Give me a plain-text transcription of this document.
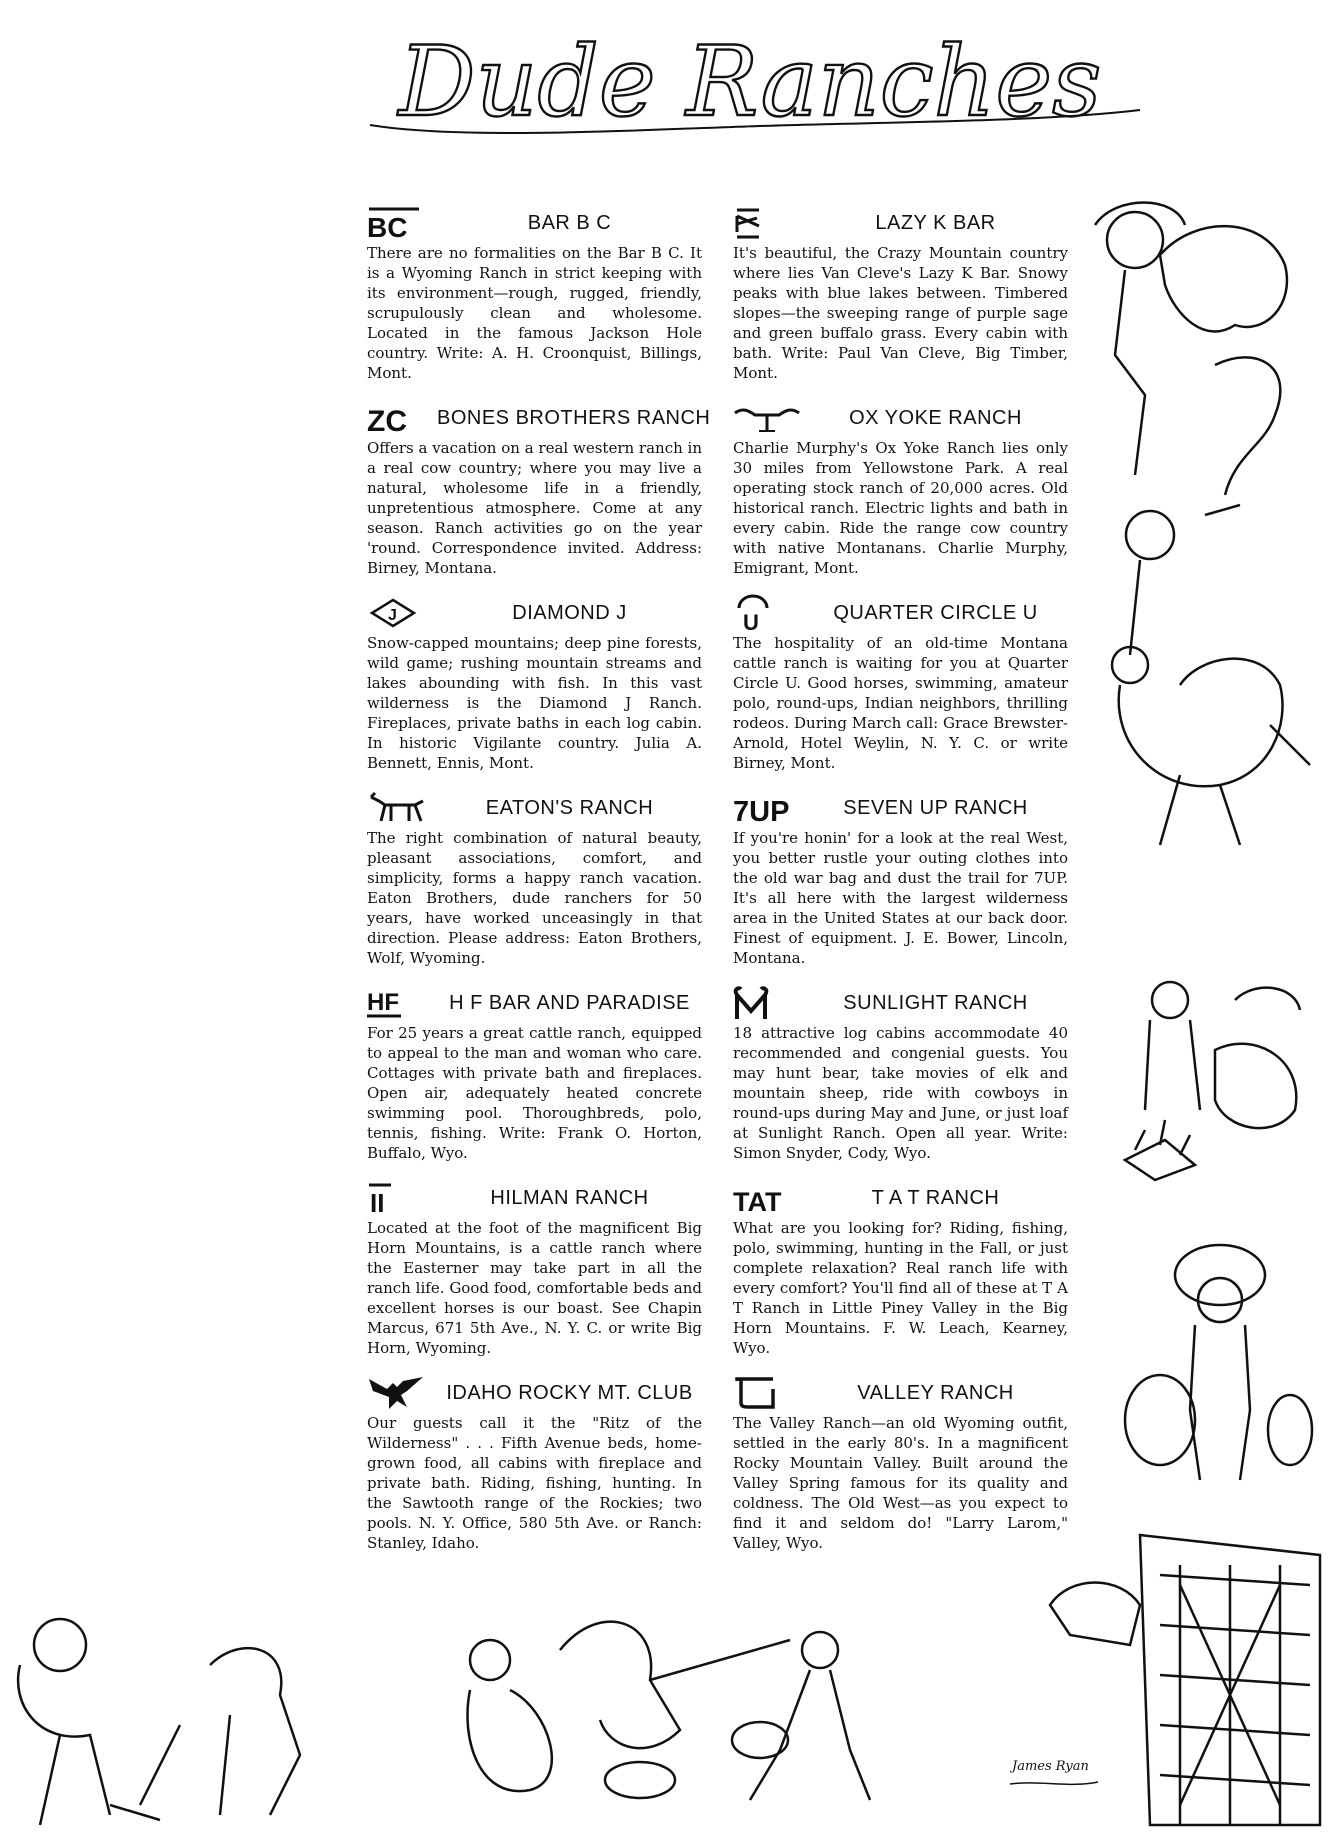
Dude Ranches
BC	BAR B C
There are no formalities on the Bar B C. It is a Wyoming Ranch in strict keeping with its environment—rough, rugged, friendly, scrupulously clean and wholesome. Located in the famous Jackson Hole country. Write: A. H. Croonquist, Billings, Mont.
ZC BONES BROTHERS RANCH
Offers a vacation on a real western ranch in a real cow country; where you may live a natural, wholesome life in a friendly, unpretentious atmosphere. Come at any season. Ranch activities go on the year 'round. Correspondence invited. Address: Birney, Montana.
J	DIAMOND J
Snow-capped mountains; deep pine forests, wild game; rushing mountain streams and lakes abounding with fish. In this vast wilderness is the Diamond J Ranch. Fireplaces, private baths in each log cabin. In historic Vigilante country. Julia A. Bennett, Ennis, Mont.
EATON'S RANCH
The right combination of natural beauty, pleasant associations, comfort, and simplicity, forms a happy ranch vacation. Eaton Brothers, dude ranchers for 50 years, have worked unceasingly in that direction. Please address: Eaton Brothers, Wolf, Wyoming.
HF	H F BAR AND PARADISE
For 25 years a great cattle ranch, equipped to appeal to the man and woman who care. Cottages with private bath and fireplaces. Open air, adequately heated concrete swimming pool. Thoroughbreds, polo, tennis, fishing. Write: Frank O. Horton, Buffalo, Wyo.
II	HILMAN RANCH
Located at the foot of the magnificent Big Horn Mountains, is a cattle ranch where the Easterner may take part in all the ranch life. Good food, comfortable beds and excellent horses is our boast. See Chapin Marcus, 671 5th Ave., N. Y. C. or write Big Horn, Wyoming.
IDAHO ROCKY MT. CLUB
Our guests call it the "Ritz of the Wilderness" . . . Fifth Avenue beds, home-grown food, all cabins with fireplace and private bath. Riding, fishing, hunting. In the Sawtooth range of the Rockies; two pools. N. Y. Office, 580 5th Ave. or Ranch: Stanley, Idaho.
K
LAZY K BAR
It's beautiful, the Crazy Mountain country where lies Van Cleve's Lazy K Bar. Snowy peaks with blue lakes between. Timbered slopes—the sweeping range of purple sage and green buffalo grass. Every cabin with bath. Write: Paul Van Cleve, Big Timber, Mont.
OX YOKE RANCH
Charlie Murphy's Ox Yoke Ranch lies only 30 miles from Yellowstone Park. A real operating stock ranch of 20,000 acres. Old historical ranch. Electric lights and bath in every cabin. Ride the range cow country with native Montanans. Charlie Murphy, Emigrant, Mont.
U	QUARTER CIRCLE U
The hospitality of an old-time Montana cattle ranch is waiting for you at Quarter Circle U. Good horses, swimming, amateur polo, round-ups, Indian neighbors, thrilling rodeos. During March call: Grace Brewster-Arnold, Hotel Weylin, N. Y. C. or write Birney, Mont.
7UP	SEVEN UP RANCH
If you're honin' for a look at the real West, you better rustle your outing clothes into the old war bag and dust the trail for 7UP. It's all here with the largest wilderness area in the United States at our back door. Finest of equipment. J. E. Bower, Lincoln, Montana.
M
SUNLIGHT RANCH
18 attractive log cabins accommodate 40 recommended and congenial guests. You may hunt bear, take movies of elk and mountain sheep, ride with cowboys in round-ups during May and June, or just loaf at Sunlight Ranch. Open all year. Write: Simon Snyder, Cody, Wyo.
TAT	T A T RANCH
What are you looking for? Riding, fishing, polo, swimming, hunting in the Fall, or just complete relaxation? Real ranch life with every comfort? You'll find all of these at T A T Ranch in Little Piney Valley in the Big Horn Mountains. F. W. Leach, Kearney, Wyo.
VALLEY RANCH
The Valley Ranch—an old Wyoming outfit, settled in the early 80's. In a magnificent Rocky Mountain Valley. Built around the Valley Spring famous for its quality and coldness. The Old West—as you expect to find it and seldom do! "Larry Larom," Valley, Wyo.
James Ryan
